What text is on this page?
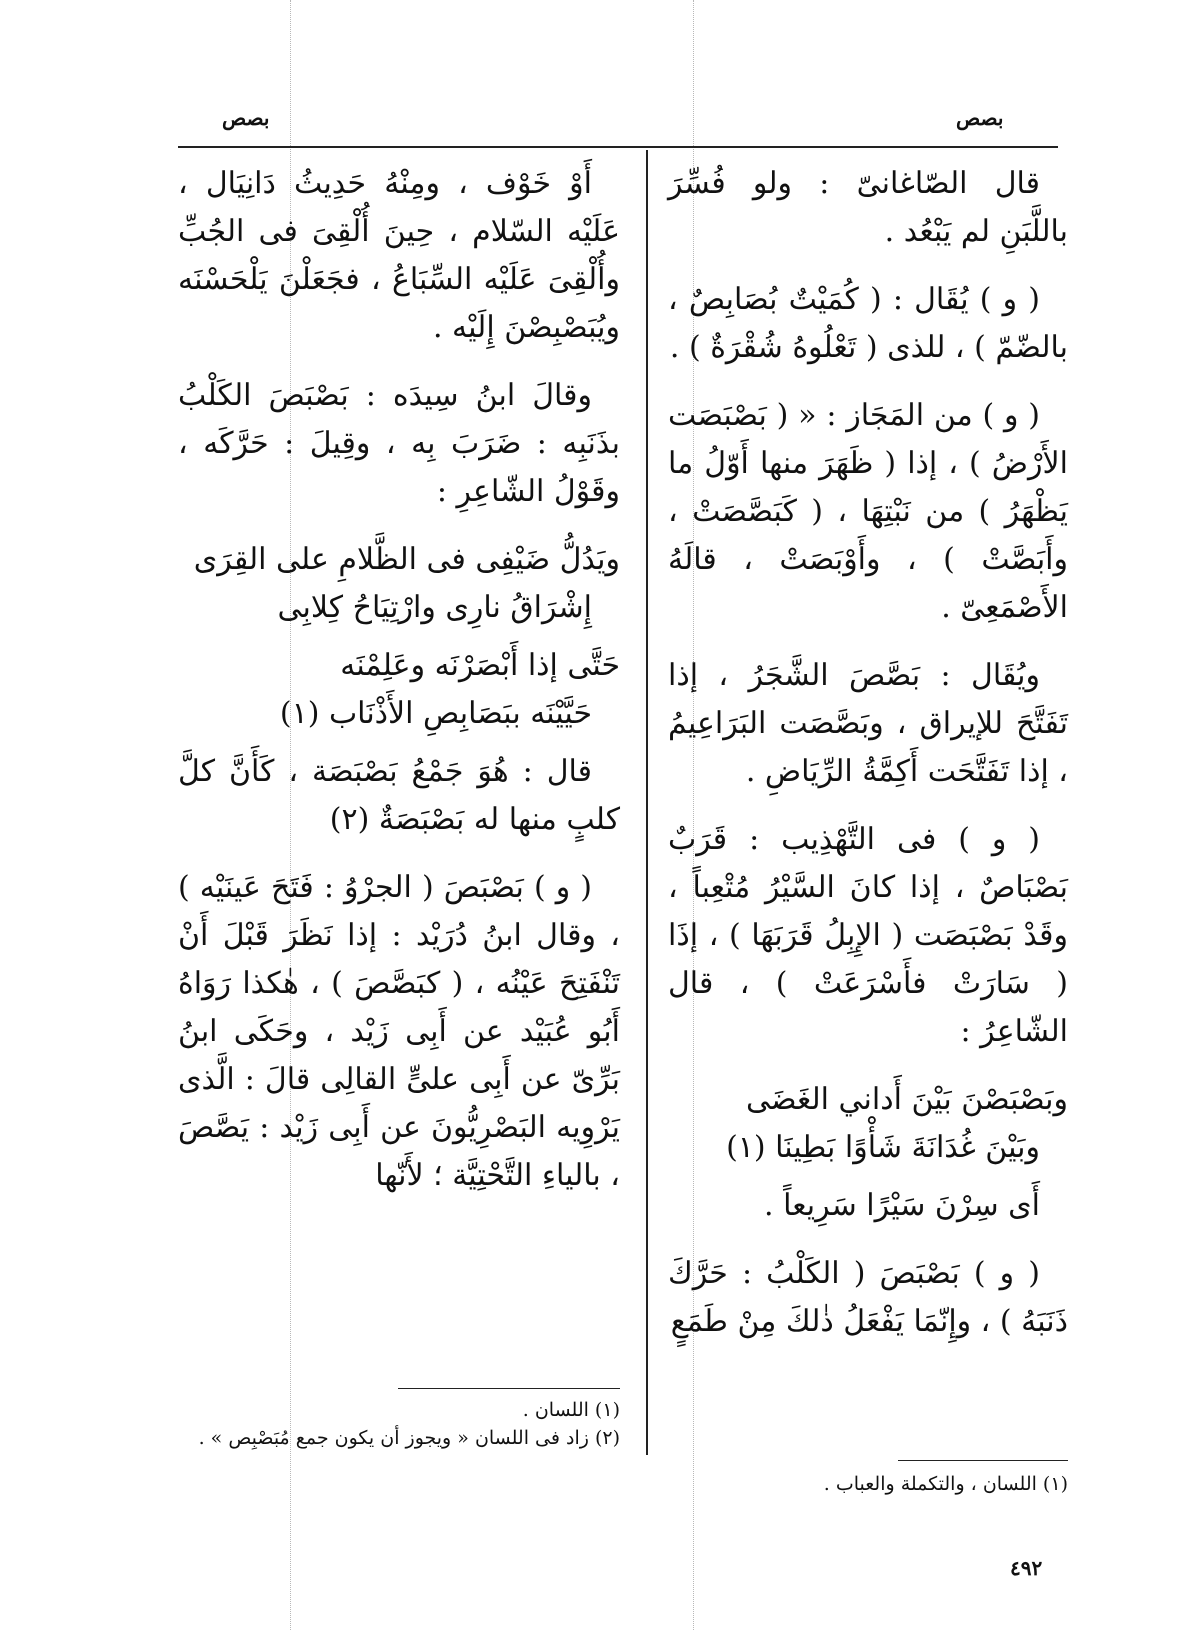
بصص	بصص

قال الصّاغانىّ : ولو فُسِّرَ باللَّبَنِ لم يَبْعُد .

( و ) يُقَال : ( كُمَيْتٌ بُصَابِصٌ ، بالضّمّ ) ، للذى ( تَعْلُوهُ شُقْرَةٌ ) .

( و ) من المَجَاز : « ( بَصْبَصَت الأَرْضُ ) ، إذا ( ظَهَرَ منها أَوّلُ ما يَظْهَرُ ) من نَبْتِهَا ، ( كَبَصَّصَتْ ، وأَبَصَّتْ ) ، وأَوْبَصَتْ ، قالَهُ الأَصْمَعِىّ .

ويُقَال : بَصَّصَ الشَّجَرُ ، إذا تَفَتَّحَ للإيراق ، وبَصَّصَت البَرَاعِيمُ ، إذا تَفَتَّحَت أَكِمَّةُ الرِّيَاضِ .

( و ) فى التَّهْذِيب : قَرَبٌ بَصْبَاصٌ ، إذا كانَ السَّيْرُ مُتْعِباً ، وقَدْ بَصْبَصَت ( الإِبِلُ قَرَبَهَا ) ، إذَا ( سَارَتْ فأَسْرَعَتْ ) ، قال الشّاعِرُ :

وبَصْبَصْنَ بَيْنَ أَداني الغَضَى
وبَيْنَ غُدَانَةَ شَأْوًا بَطِينَا (١)

أَى سِرْنَ سَيْرًا سَرِيعاً .

( و ) بَصْبَصَ ( الكَلْبُ : حَرَّكَ ذَنَبَهُ ) ، وإِنّمَا يَفْعَلُ ذٰلكَ مِنْ طَمَعٍ

أَوْ خَوْف ، ومِنْهُ حَدِيثُ دَانِيَال ، عَلَيْه السّلام ، حِينَ أُلْقِىَ فى الجُبِّ وأُلْقِىَ عَلَيْه السِّبَاعُ ، فجَعَلْنَ يَلْحَسْنَه ويُبَصْبِصْنَ إِلَيْه .

وقالَ ابنُ سِيدَه : بَصْبَصَ الكَلْبُ بذَنَبِه : ضَرَبَ بِه ، وقِيلَ : حَرَّكَه ، وقَوْلُ الشّاعِرِ :

ويَدُلُّ ضَيْفِى فى الظَّلامِ على القِرَى
إِشْرَاقُ نارِى وارْتِيَاحُ كِلابِى
حَتَّى إذا أَبْصَرْنَه وعَلِمْنَه
حَيَّيْنَه ببَصَابِصِ الأَذْنَاب (١)

قال : هُوَ جَمْعُ بَصْبَصَة ، كَأَنَّ كلَّ كلبٍ منها له بَصْبَصَةٌ (٢)

( و ) بَصْبَصَ ( الجرْوُ : فَتَحَ عَينَيْه ) ، وقال ابنُ دُرَيْد : إذا نَظَرَ قَبْلَ أَنْ تَنْفَتِحَ عَيْنُه ، ( كبَصَّصَ ) ، هٰكذا رَوَاهُ أَبُو عُبَيْد عن أَبِى زَيْد ، وحَكَى ابنُ بَرِّىّ عن أَبِى علىٍّ القالِى قالَ : الَّذى يَرْوِيه البَصْرِيُّونَ عن أَبِى زَيْد : يَصَّصَ ، بالياءِ التَّحْتِيَّة ؛ لأَنّها

(١) اللسان .

(٢) زاد فى اللسان « ويجوز أن يكون جمع مُبَصْبِص » .

(١) اللسان ، والتكملة والعباب .

٤٩٢
